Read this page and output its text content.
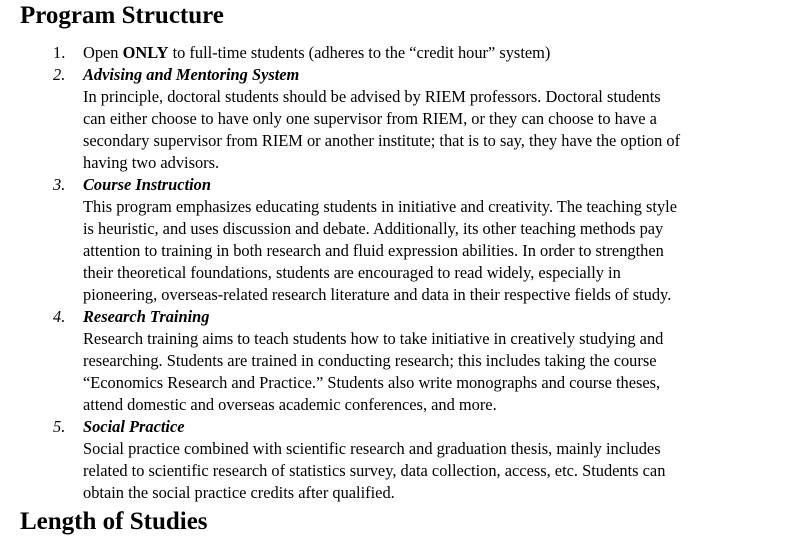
Program Structure
1. Open ONLY to full-time students (adheres to the “credit hour” system)
2. Advising and Mentoring System
In principle, doctoral students should be advised by RIEM professors. Doctoral students
can either choose to have only one supervisor from RIEM, or they can choose to have a
secondary supervisor from RIEM or another institute; that is to say, they have the option of
having two advisors.
3. Course Instruction
This program emphasizes educating students in initiative and creativity. The teaching style
is heuristic, and uses discussion and debate. Additionally, its other teaching methods pay
attention to training in both research and fluid expression abilities. In order to strengthen
their theoretical foundations, students are encouraged to read widely, especially in
pioneering, overseas-related research literature and data in their respective fields of study.
4. Research Training
Research training aims to teach students how to take initiative in creatively studying and
researching. Students are trained in conducting research; this includes taking the course
“Economics Research and Practice.” Students also write monographs and course theses,
attend domestic and overseas academic conferences, and more.
5. Social Practice
Social practice combined with scientific research and graduation thesis, mainly includes
related to scientific research of statistics survey, data collection, access, etc. Students can
obtain the social practice credits after qualified.
Length of Studies
